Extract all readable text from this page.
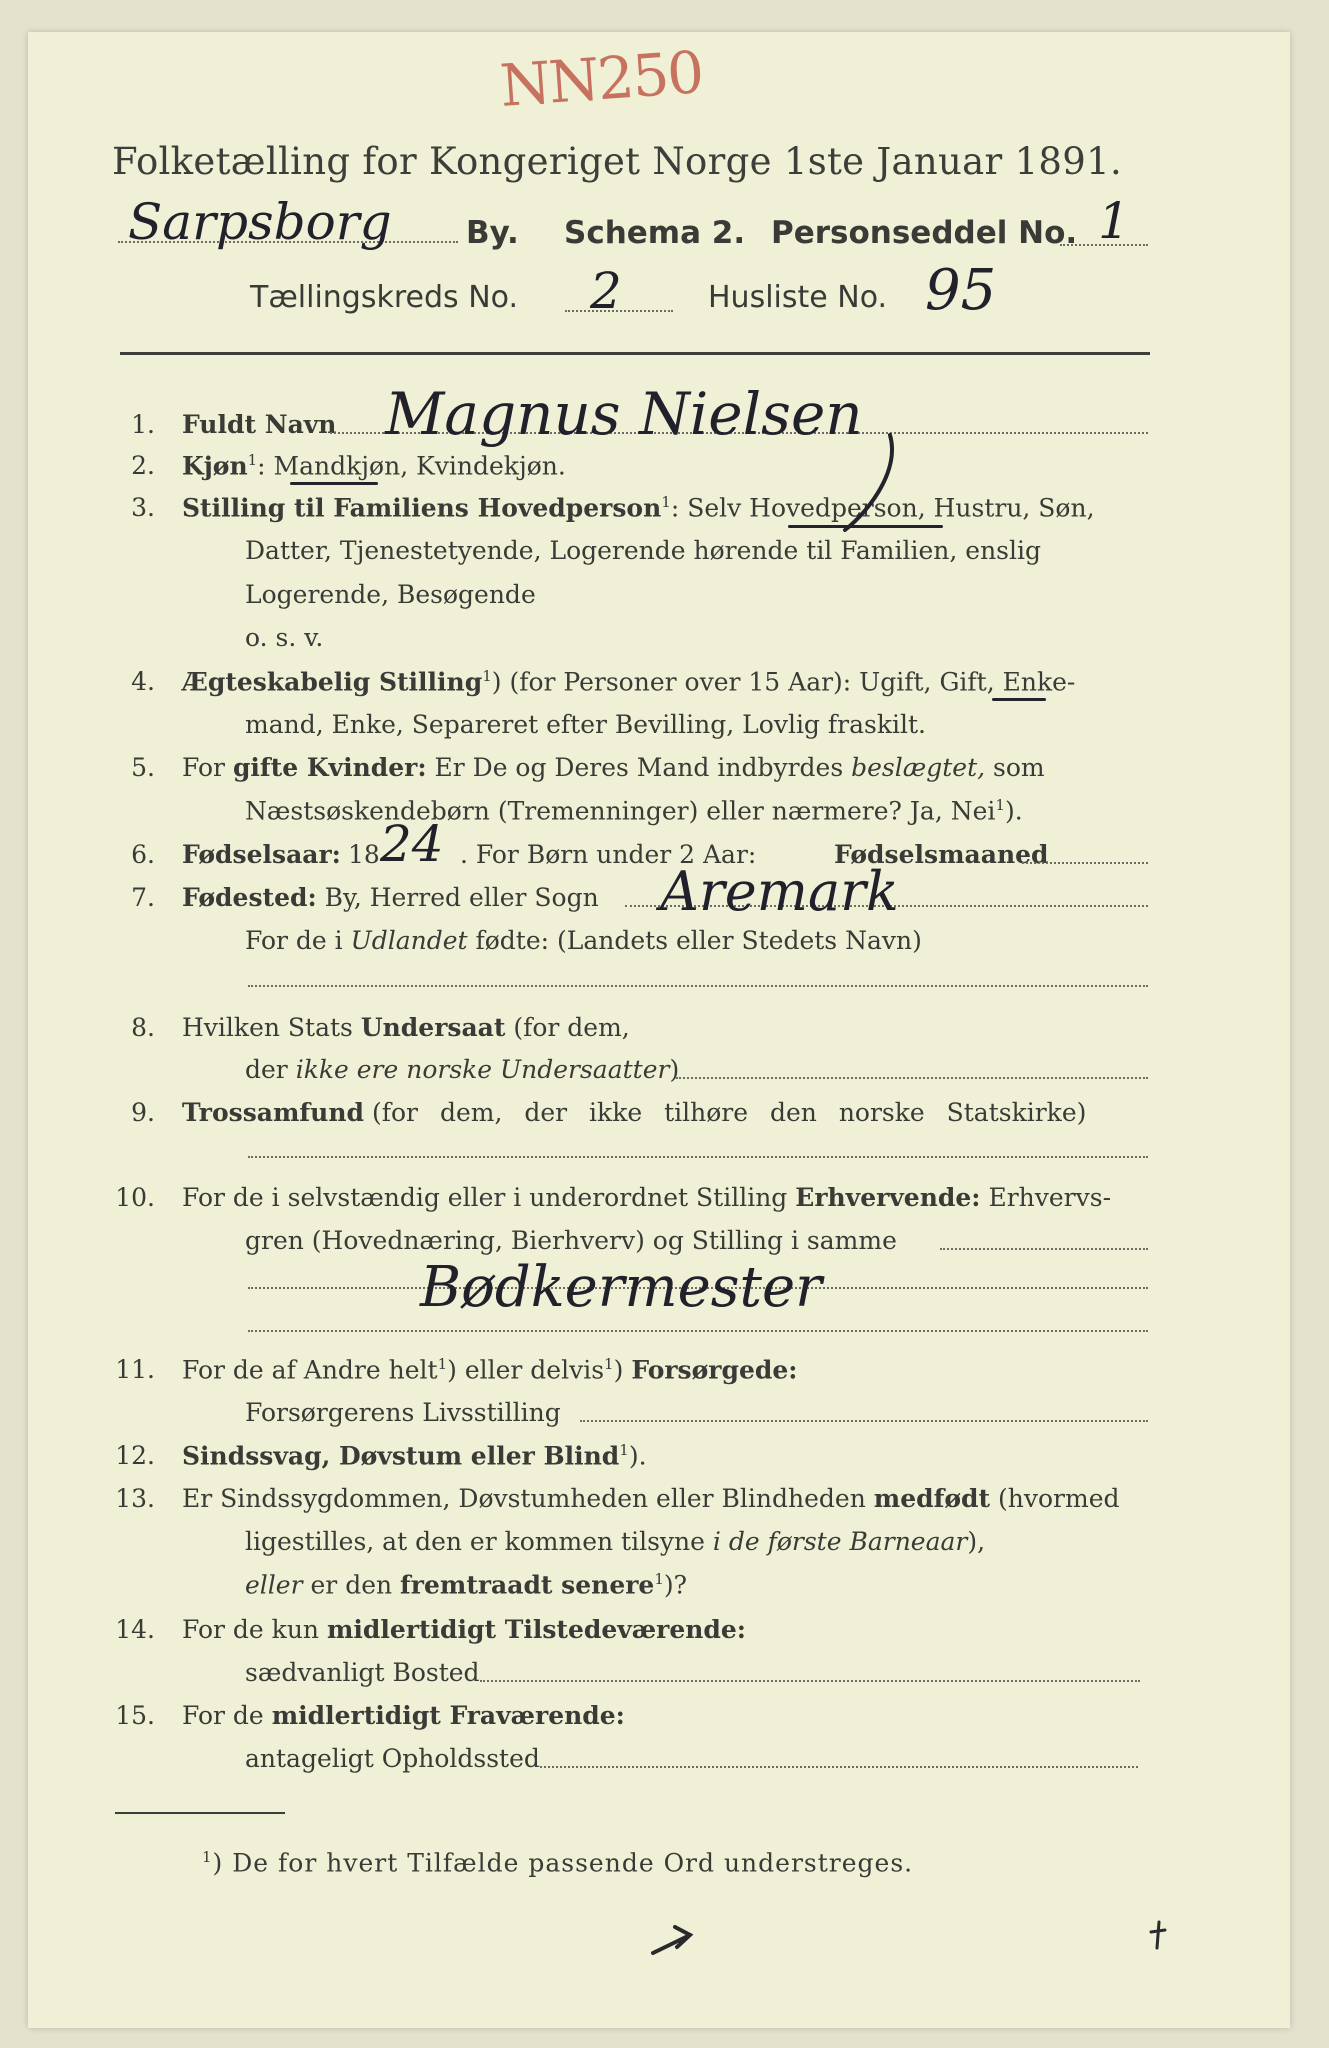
NN250
Folketælling for Kongeriget Norge 1ste Januar 1891.
Sarpsborg By. Schema 2. Personseddel No. 1
Tællingskreds No. 2	Husliste No. 95
1. Fuldt Navn Magnus Nielsen
2. Kjøn$^1$: Mandkjøn, Kvindekjøn.
3. Stilling til Familiens Hovedperson$^1$: Selv Hovedperson, Hustru, Søn,
Datter, Tjenestetyende, Logerende hørende til Familien, enslig
Logerende, Besøgende
o. s. v.
4. Ægteskabelig Stilling$^1$) (for Personer over 15 Aar): Ugift, Gift, Enke-
mand, Enke, Separeret efter Bevilling, Lovlig fraskilt.
5. For gifte Kvinder: Er De og Deres Mand indbyrdes beslægtet, som
Næstsøskendebørn (Tremenninger) eller nærmere? Ja, Nei$^1$).
6. Fødselsaar: 18 24 . For Børn under 2 Aar:	Fødselsmaaned
7. Fødested: By, Herred eller Sogn Aremark
For de i Udlandet fødte: (Landets eller Stedets Navn)
8. Hvilken Stats Undersaat (for dem,
der ikke ere norske Undersaatter)
9. Trossamfund (for dem, der ikke tilhøre den norske Statskirke)
10. For de i selvstændig eller i underordnet Stilling Erhvervende: Erhvervs-
gren (Hovednæring, Bierhverv) og Stilling i samme
Bødkermester
11. For de af Andre helt$^1$) eller delvis$^1$) Forsørgede:
Forsørgerens Livsstilling
12. Sindssvag, Døvstum eller Blind$^1$).
13. Er Sindssygdommen, Døvstumheden eller Blindheden medfødt (hvormed
ligestilles, at den er kommen tilsyne i de første Barneaar),
eller er den fremtraadt senere$^1$)?
14. For de kun midlertidigt Tilstedeværende:
sædvanligt Bosted
15. For de midlertidigt Fraværende:
antageligt Opholdssted
$^1$) De for hvert Tilfælde passende Ord understreges.
